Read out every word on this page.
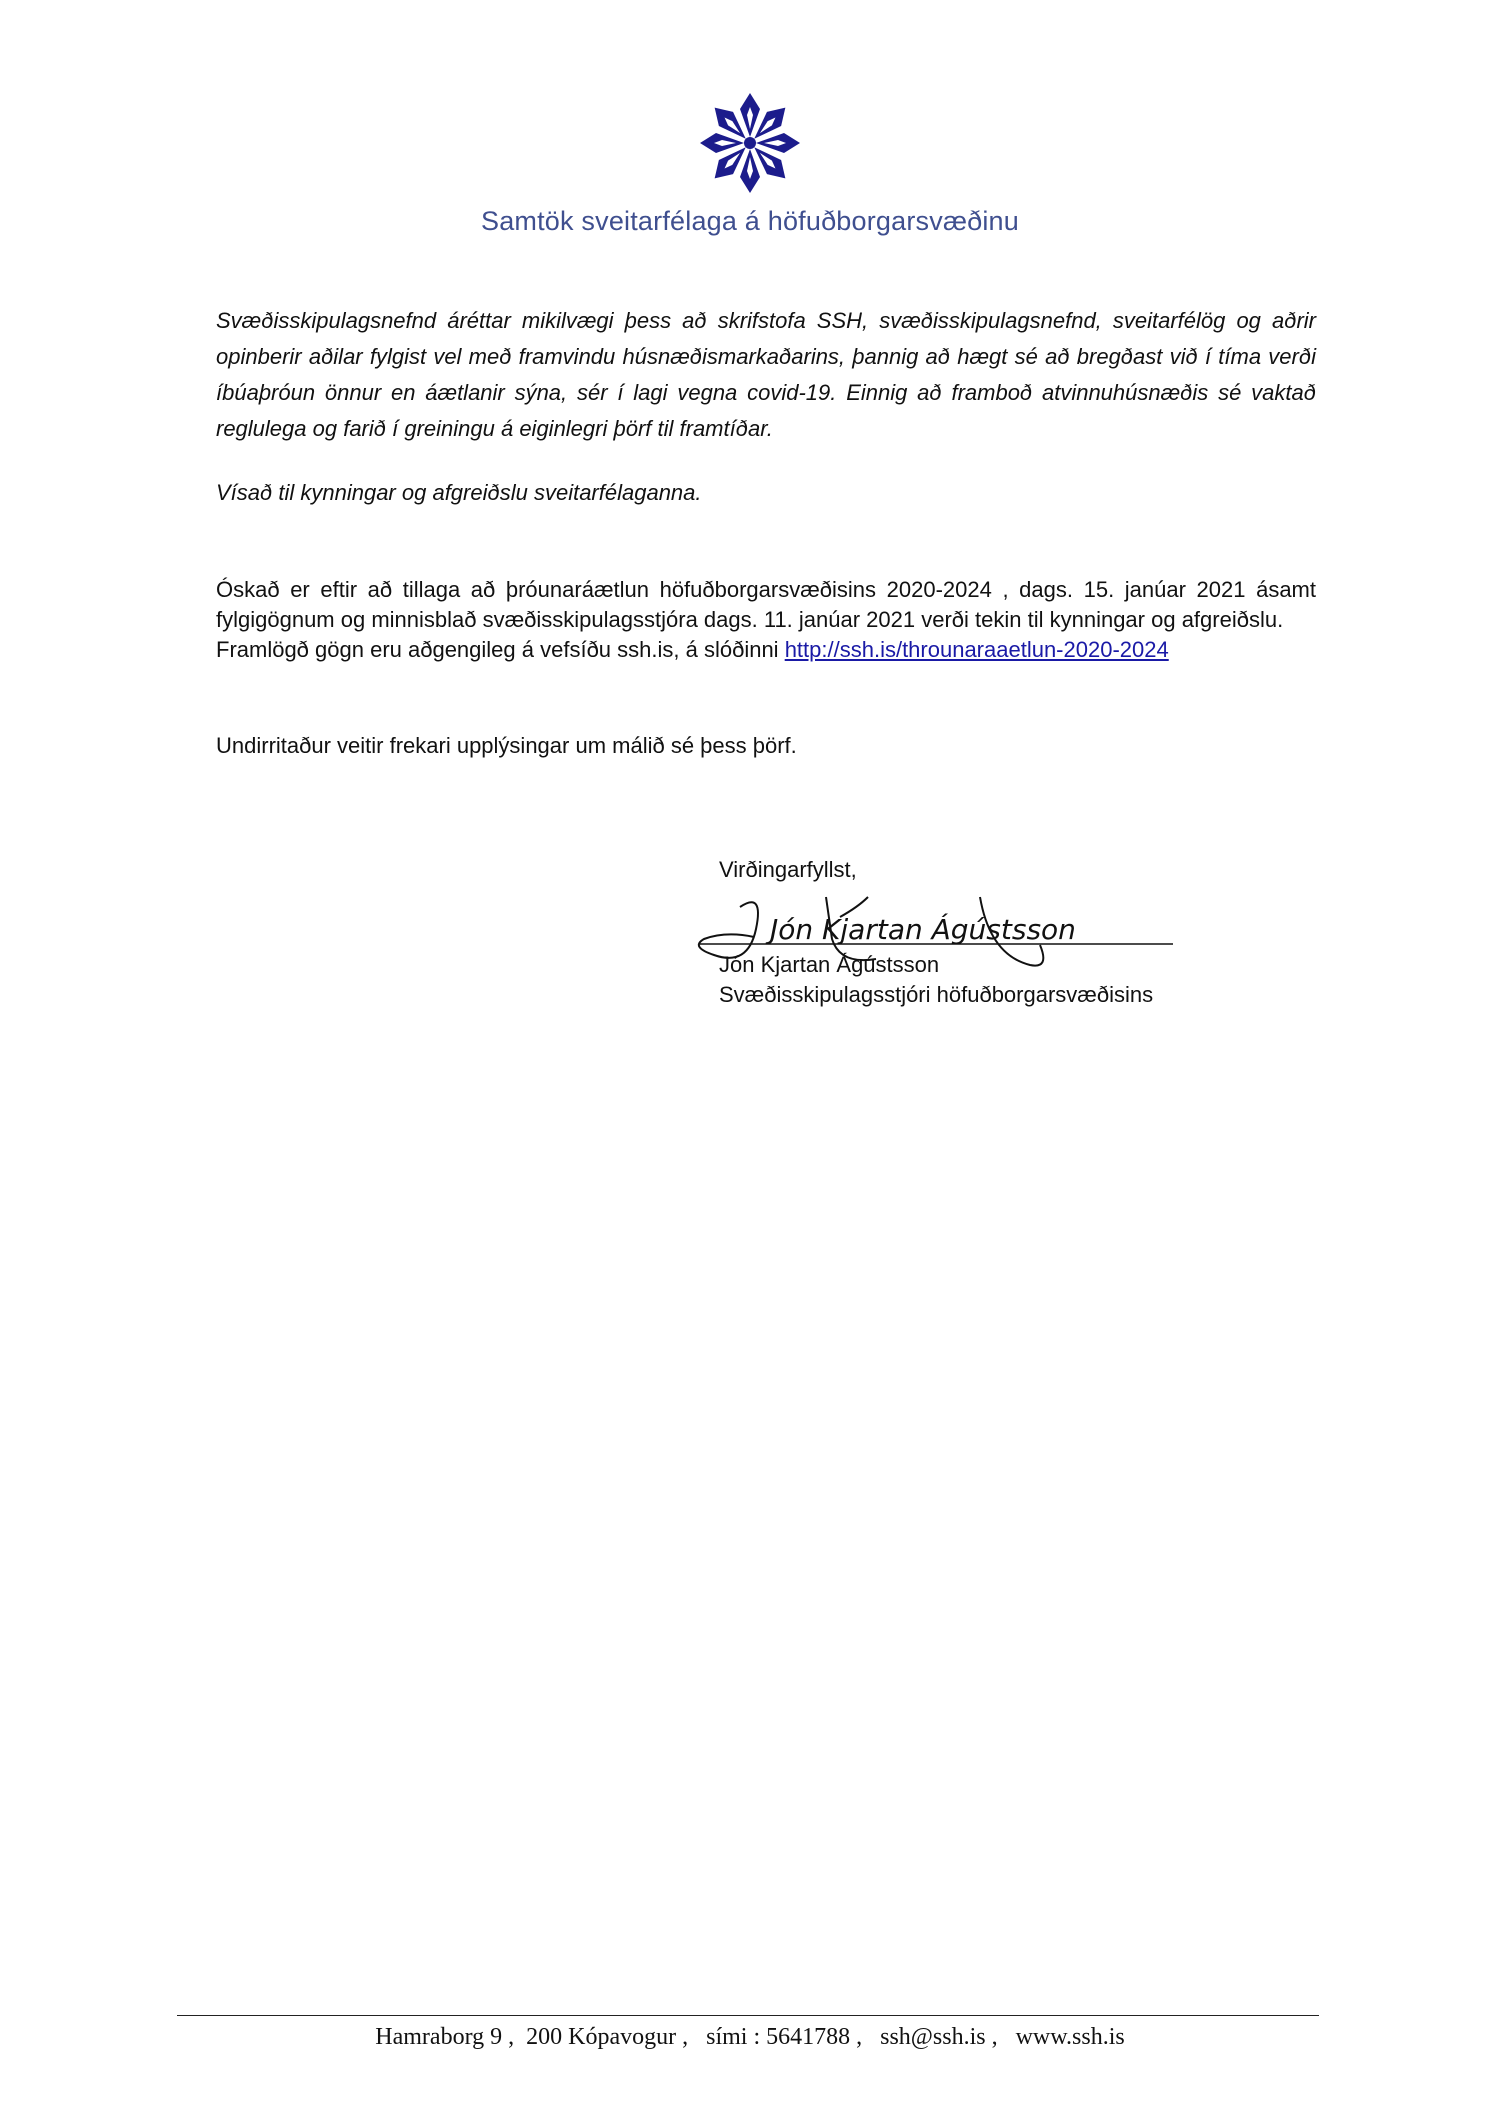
Samtök sveitarfélaga á höfuðborgarsvæðinu
Svæðisskipulagsnefnd áréttar mikilvægi þess að skrifstofa SSH, svæðisskipulagsnefnd, sveitarfélög og aðrir opinberir aðilar fylgist vel með framvindu húsnæðismarkaðarins, þannig að hægt sé að bregðast við í tíma verði íbúaþróun önnur en áætlanir sýna, sér í lagi vegna covid-19. Einnig að framboð atvinnuhúsnæðis sé vaktað reglulega og farið í greiningu á eiginlegri þörf til framtíðar.
Vísað til kynningar og afgreiðslu sveitarfélaganna.
Óskað er eftir að tillaga að þróunaráætlun höfuðborgarsvæðisins 2020-2024 , dags. 15. janúar 2021 ásamt fylgigögnum og minnisblað svæðisskipulagsstjóra dags. 11. janúar 2021 verði tekin til kynningar og afgreiðslu.
Framlögð gögn eru aðgengileg á vefsíðu ssh.is, á slóðinni http://ssh.is/throunaraaetlun-2020-2024
Undirritaður veitir frekari upplýsingar um málið sé þess þörf.
Virðingarfyllst,
Jón Kjartan Ágústsson
Jón Kjartan Ágústsson
Svæðisskipulagsstjóri höfuðborgarsvæðisins
Hamraborg 9 ,  200 Kópavogur ,   sími : 5641788 ,   ssh@ssh.is ,   www.ssh.is
